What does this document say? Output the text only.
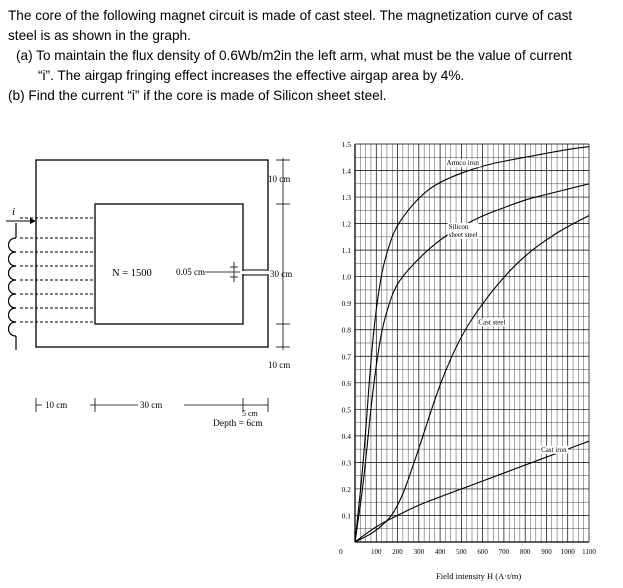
The core of the following magnet circuit is made of cast steel. The magnetization curve of cast

steel is as shown in the graph.

(a) To maintain the flux density of 0.6Wb/m2in the left arm, what must be the value of current
“i”. The airgap fringing effect increases the effective airgap area by 4%.

(b) Find the current “i” if the core is made of Silicon sheet steel.

i
N = 1500	0.05 cm
10 cm
30 cm
10 cm
10 cm	30 cm
5 cm
Depth = 6cm
Armco iron
Silicon sheet steel
Cast steel
Cast iron
0.1
0.2
0.3
0.4
0.5
0.6
0.7
0.8
0.9
1.0
1.1
1.2
1.3
1.4
1.5
0	100 200 300 400 500 600 700 800 900 1000 1100
Field intensity H (A·t/m)
